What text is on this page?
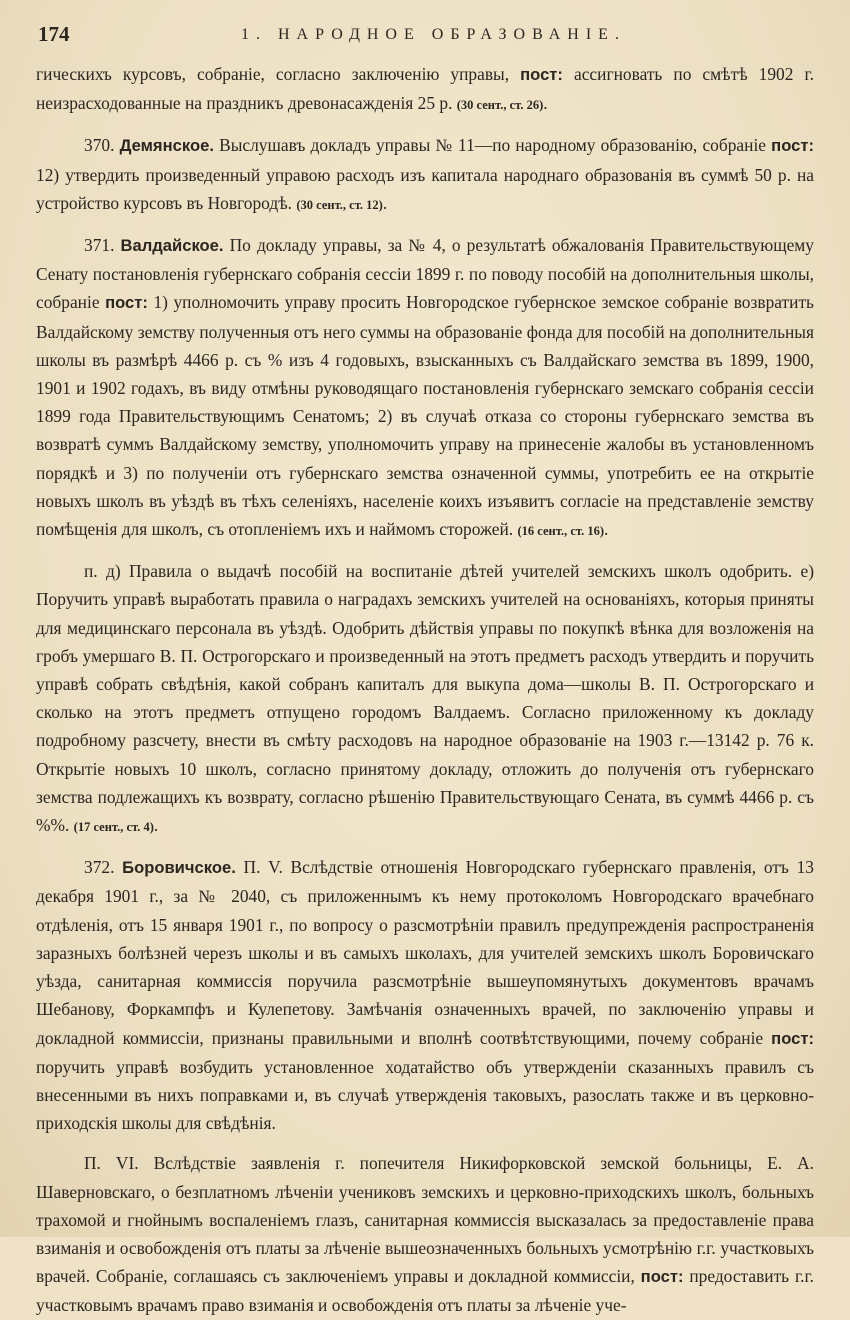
174	1. НАРОДНОЕ ОБРАЗОВАНІЕ.

гическихъ курсовъ, собраніе, согласно заключенію управы, пост: ассигновать по смѣтѣ 1902 г. неизрасходованные на праздникъ древонасажденія 25 р. (30 сент., ст. 26).

370. Демянское. Выслушавъ докладъ управы № 11—по народному образованію, собраніе пост: 12) утвердить произведенный управою расходъ изъ капитала народнаго образованія въ суммѣ 50 р. на устройство курсовъ въ Новгородѣ. (30 сент., ст. 12).

371. Валдайское. По докладу управы, за № 4, о результатѣ обжалованія Правительствующему Сенату постановленія губернскаго собранія сессіи 1899 г. по поводу пособій на дополнительныя школы, собраніе пост: 1) уполномочить управу просить Новгородское губернское земское собраніе возвратить Валдайскому земству полученныя отъ него суммы на образованіе фонда для пособій на дополнительныя школы въ размѣрѣ 4466 р. съ % изъ 4 годовыхъ, взысканныхъ съ Валдайскаго земства въ 1899, 1900, 1901 и 1902 годахъ, въ виду отмѣны руководящаго постановленія губернскаго земскаго собранія сессіи 1899 года Правительствующимъ Сенатомъ; 2) въ случаѣ отказа со стороны губернскаго земства въ возвратѣ суммъ Валдайскому земству, уполномочить управу на принесеніе жалобы въ установленномъ порядкѣ и 3) по полученіи отъ губернскаго земства означенной суммы, употребить ее на открытіе новыхъ школъ въ уѣздѣ въ тѣхъ селеніяхъ, населеніе коихъ изъявитъ согласіе на представленіе земству помѣщенія для школъ, съ отопленіемъ ихъ и наймомъ сторожей. (16 сент., ст. 16).

п. д) Правила о выдачѣ пособій на воспитаніе дѣтей учителей земскихъ школъ одобрить. е) Поручить управѣ выработать правила о наградахъ земскихъ учителей на основаніяхъ, которыя приняты для медицинскаго персонала въ уѣздѣ. Одобрить дѣйствія управы по покупкѣ вѣнка для возложенія на гробъ умершаго В. П. Острогорскаго и произведенный на этотъ предметъ расходъ утвердить и поручить управѣ собрать свѣдѣнія, какой собранъ капиталъ для выкупа дома—школы В. П. Острогорскаго и сколько на этотъ предметъ отпущено городомъ Валдаемъ. Согласно приложенному къ докладу подробному разсчету, внести въ смѣту расходовъ на народное образованіе на 1903 г.—13142 р. 76 к. Открытіе новыхъ 10 школъ, согласно принятому докладу, отложить до полученія отъ губернскаго земства подлежащихъ къ возврату, согласно рѣшенію Правительствующаго Сената, въ суммѣ 4466 р. съ %%. (17 сент., ст. 4).

372. Боровичское. П. V. Вслѣдствіе отношенія Новгородскаго губернскаго правленія, отъ 13 декабря 1901 г., за № 2040, съ приложеннымъ къ нему протоколомъ Новгородскаго врачебнаго отдѣленія, отъ 15 января 1901 г., по вопросу о разсмотрѣніи правилъ предупрежденія распространенія заразныхъ болѣзней черезъ школы и въ самыхъ школахъ, для учителей земскихъ школъ Боровичскаго уѣзда, санитарная коммиссія поручила разсмотрѣніе вышеупомянутыхъ документовъ врачамъ Шебанову, Форкампфъ и Кулепетову. Замѣчанія означенныхъ врачей, по заключенію управы и докладной коммиссіи, признаны правильными и вполнѣ соотвѣтствующими, почему собраніе пост: поручить управѣ возбудить установленное ходатайство объ утвержденіи сказанныхъ правилъ съ внесенными въ нихъ поправками и, въ случаѣ утвержденія таковыхъ, разослать также и въ церковно-приходскія школы для свѣдѣнія.

П. VI. Вслѣдствіе заявленія г. попечителя Никифорковской земской больницы, Е. А. Шаверновскаго, о безплатномъ лѣченіи учениковъ земскихъ и церковно-приходскихъ школъ, больныхъ трахомой и гнойнымъ воспаленіемъ глазъ, санитарная коммиссія высказалась за предоставленіе права взиманія и освобожденія отъ платы за лѣченіе вышеозначенныхъ больныхъ усмотрѣнію г.г. участковыхъ врачей. Собраніе, соглашаясь съ заключеніемъ управы и докладной коммиссіи, пост: предоставить г.г. участковымъ врачамъ право взиманія и освобожденія отъ платы за лѣченіе уче-
